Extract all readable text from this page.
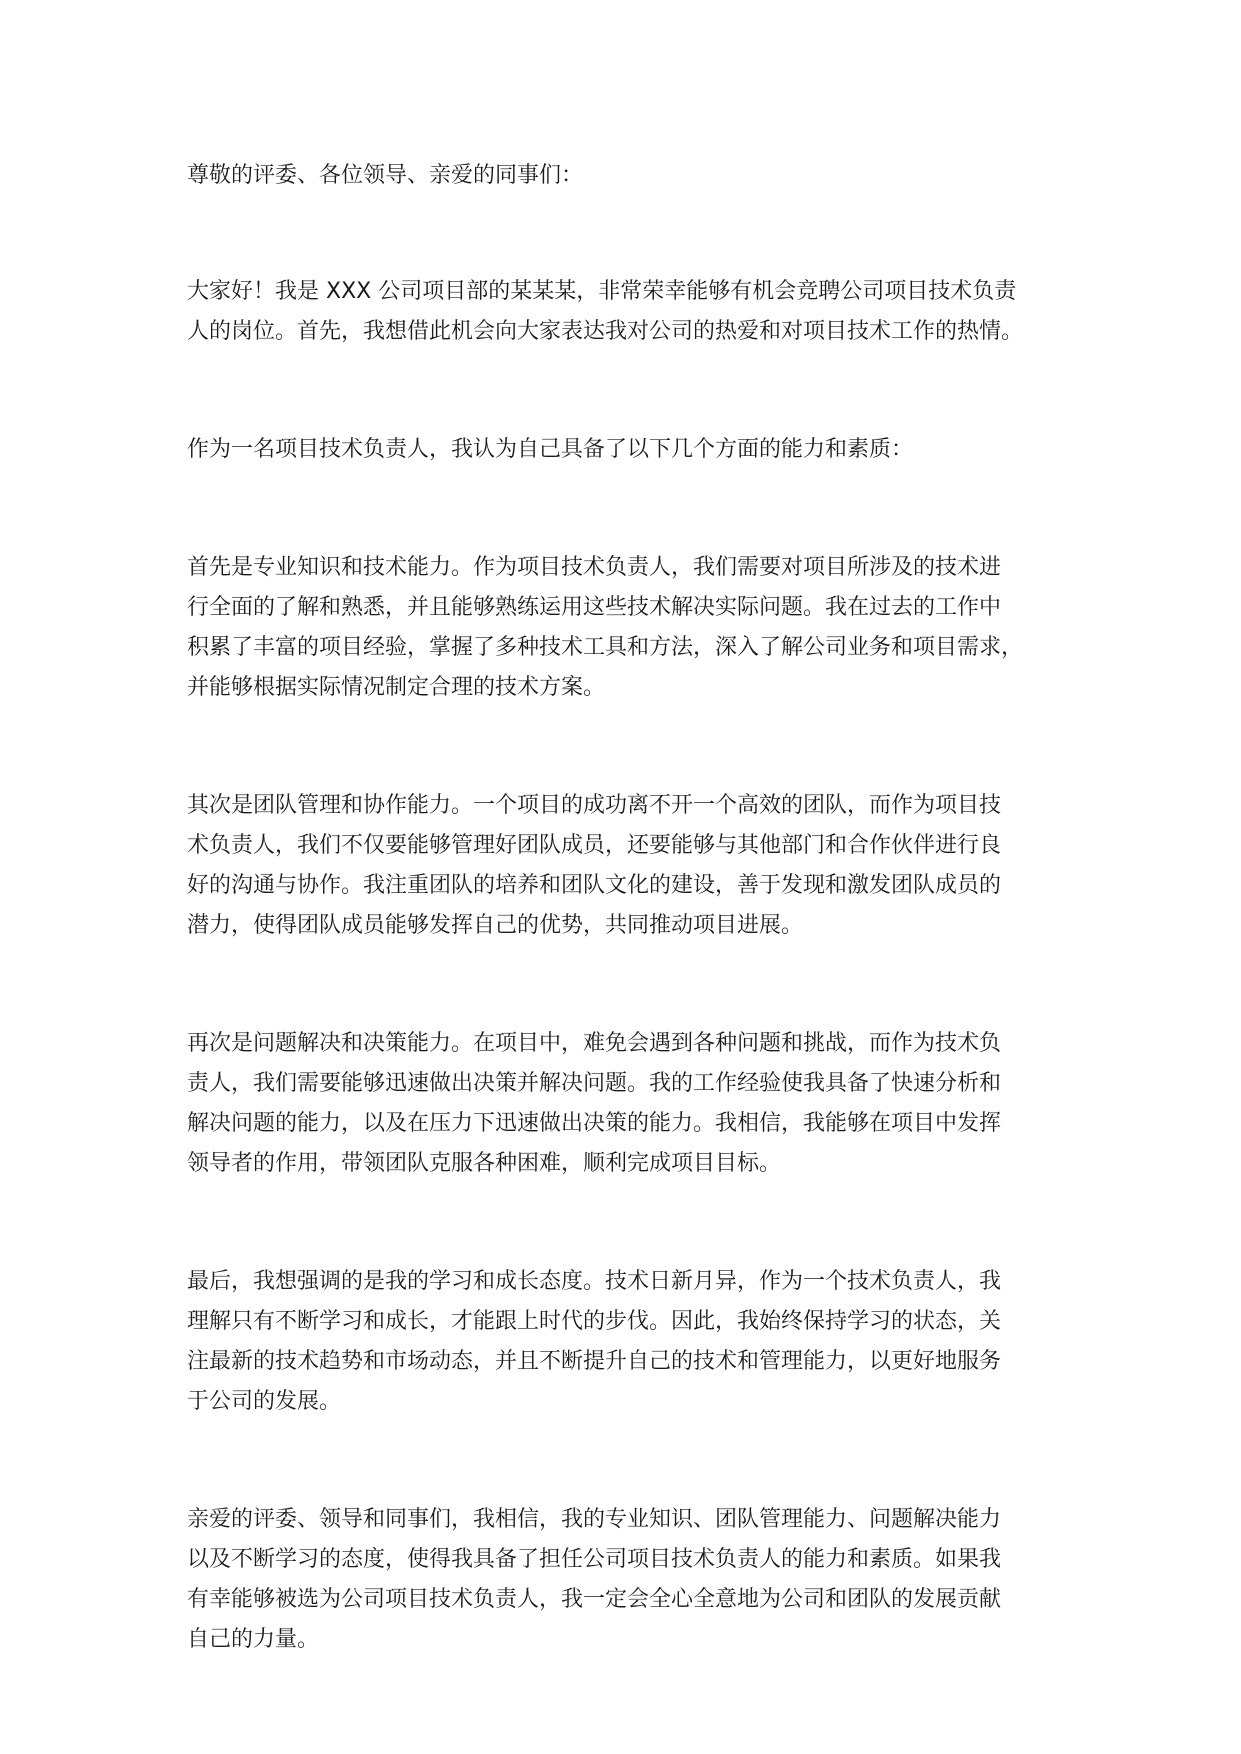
尊敬的评委、各位领导、亲爱的同事们：

大家好！我是 XXX 公司项目部的某某某，非常荣幸能够有机会竞聘公司项目技术负责
人的岗位。首先，我想借此机会向大家表达我对公司的热爱和对项目技术工作的热情。

作为一名项目技术负责人，我认为自己具备了以下几个方面的能力和素质：

首先是专业知识和技术能力。作为项目技术负责人，我们需要对项目所涉及的技术进
行全面的了解和熟悉，并且能够熟练运用这些技术解决实际问题。我在过去的工作中
积累了丰富的项目经验，掌握了多种技术工具和方法，深入了解公司业务和项目需求，
并能够根据实际情况制定合理的技术方案。

其次是团队管理和协作能力。一个项目的成功离不开一个高效的团队，而作为项目技
术负责人，我们不仅要能够管理好团队成员，还要能够与其他部门和合作伙伴进行良
好的沟通与协作。我注重团队的培养和团队文化的建设，善于发现和激发团队成员的
潜力，使得团队成员能够发挥自己的优势，共同推动项目进展。

再次是问题解决和决策能力。在项目中，难免会遇到各种问题和挑战，而作为技术负
责人，我们需要能够迅速做出决策并解决问题。我的工作经验使我具备了快速分析和
解决问题的能力，以及在压力下迅速做出决策的能力。我相信，我能够在项目中发挥
领导者的作用，带领团队克服各种困难，顺利完成项目目标。

最后，我想强调的是我的学习和成长态度。技术日新月异，作为一个技术负责人，我
理解只有不断学习和成长，才能跟上时代的步伐。因此，我始终保持学习的状态，关
注最新的技术趋势和市场动态，并且不断提升自己的技术和管理能力，以更好地服务
于公司的发展。

亲爱的评委、领导和同事们，我相信，我的专业知识、团队管理能力、问题解决能力
以及不断学习的态度，使得我具备了担任公司项目技术负责人的能力和素质。如果我
有幸能够被选为公司项目技术负责人，我一定会全心全意地为公司和团队的发展贡献
自己的力量。
